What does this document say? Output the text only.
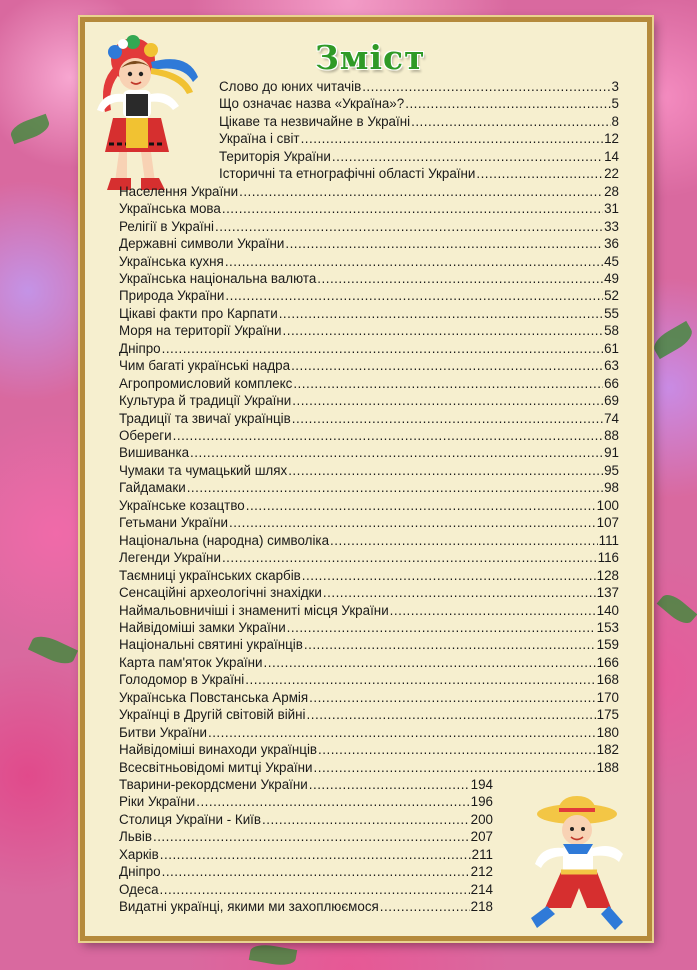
Зміст
Слово до юних читачів .....	3
Що означає назва «Україна»? .....	5
Цікаве та незвичайне в Україні .....	8
Україна і світ .....	12
Територія України .....	14
Історичні та етнографічні області України .....	22
Населення України .....	28
Українська мова .....	31
Релігії в Україні .....	33
Державні символи України .....	36
Українська кухня .....	45
Українська національна валюта .....	49
Природа України .....	52
Цікаві факти про Карпати .....	55
Моря на території України .....	58
Дніпро .....	61
Чим багаті українські надра .....	63
Агропромисловий комплекс .....	66
Культура й традиції України .....	69
Традиції та звичаї українців .....	74
Обереги .....	88
Вишиванка .....	91
Чумаки та чумацький шлях .....	95
Гайдамаки .....	98
Українське козацтво .....	100
Гетьмани України .....	107
Національна (народна) символіка .....	111
Легенди України .....	116
Таємниці українських скарбів .....	128
Сенсаційні археологічні знахідки .....	137
Наймальовничіші і знамениті місця України .....	140
Найвідоміші замки України .....	153
Національні святині українців .....	159
Карта пам'яток України .....	166
Голодомор в Україні .....	168
Українська Повстанська Армія .....	170
Українці в Другій світовій війні .....	175
Битви України .....	180
Найвідоміші винаходи українців .....	182
Всесвітньовідомі митці України .....	188
Тварини-рекордсмени України .....	194
Ріки України .....	196
Столиця України - Київ .....	200
Львів .....	207
Харків .....	211
Дніпро .....	212
Одеса .....	214
Видатні українці, якими ми захоплюємося .....	218
